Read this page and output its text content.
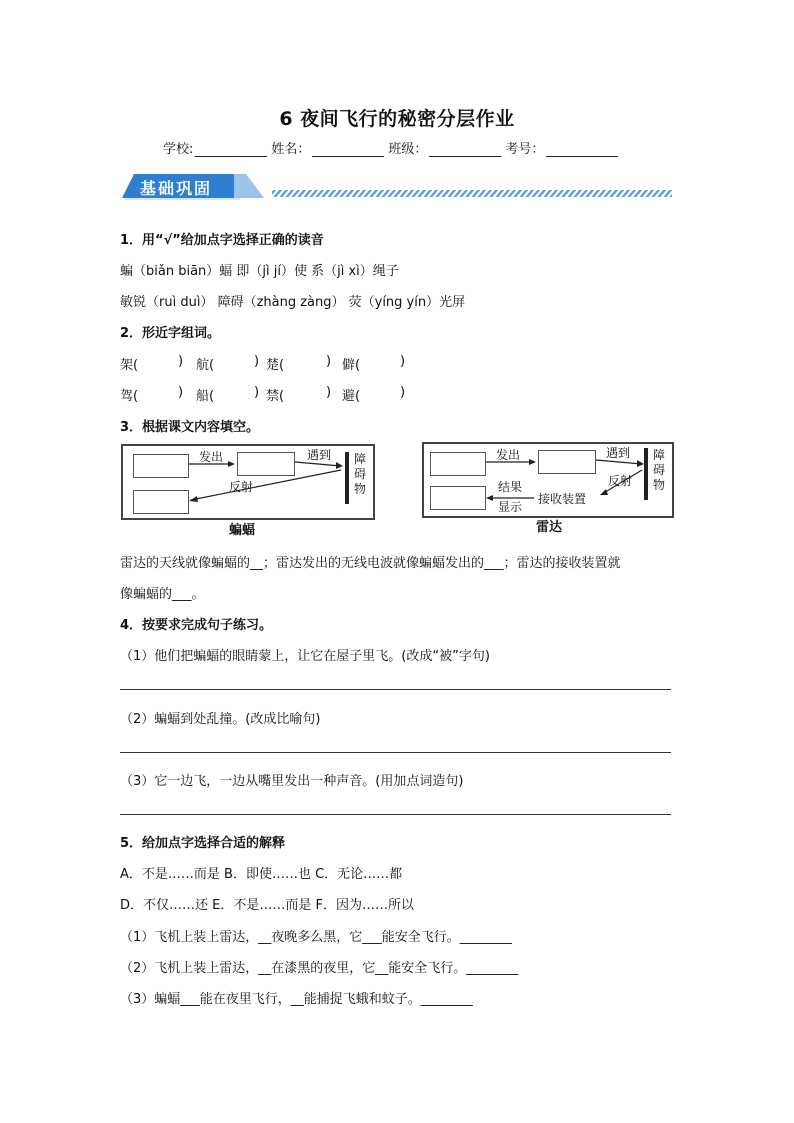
6 夜间飞行的秘密分层作业
学校:	姓名：	班级：	考号：
基础巩固
1．用“√”给加点字选择正确的读音
蝙（biǎn biān）蝠 即（jì jí）使 系（jì xì）绳子
敏锐（ruì duì） 障碍（zhàng zàng） 荧（yíng yín）光屏
2．形近字组词。
架(	) 航(	) 楚(	) 僻(	)
驾(	) 船(	) 禁(	) 避(	)
3．根据课文内容填空。
发出	遇到
反射
障碍物
蝙蝠
发出	遇到
反射
结果
显示
接收装置
障碍物
雷达
雷达的天线就像蝙蝠的__；雷达发出的无线电波就像蝙蝠发出的___；雷达的接收装置就
像蝙蝠的___。
4．按要求完成句子练习。
（1）他们把蝙蝠的眼睛蒙上，让它在屋子里飞。(改成“被”字句)
（2）蝙蝠到处乱撞。(改成比喻句)
（3）它一边飞，一边从嘴里发出一种声音。(用加点词造句)
5．给加点字选择合适的解释
A．不是……而是 B．即使……也 C．无论……都
D．不仅……还 E．不是……而是 F．因为……所以
（1）飞机上装上雷达，__夜晚多么黑，它___能安全飞行。________
（2）飞机上装上雷达，__在漆黑的夜里，它__能安全飞行。________
（3）蝙蝠___能在夜里飞行，__能捕捉飞蛾和蚊子。________
